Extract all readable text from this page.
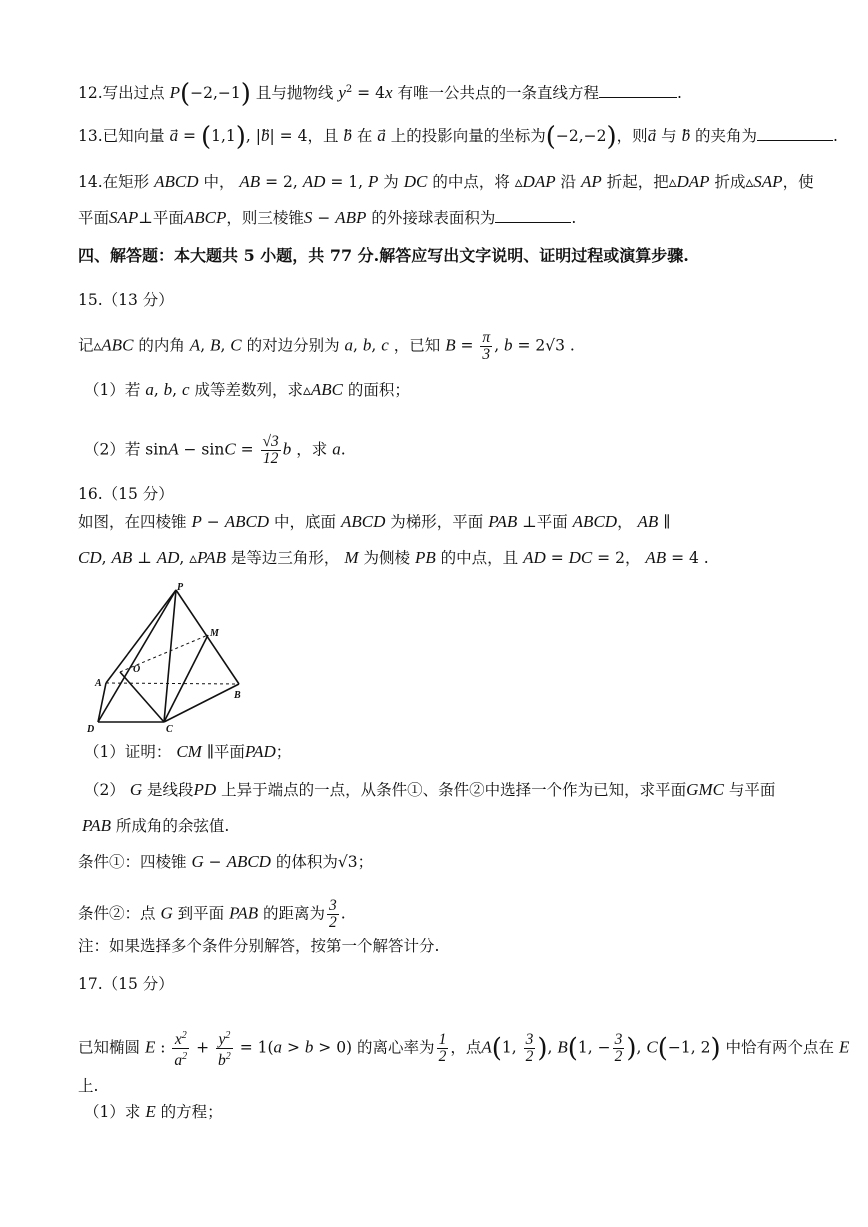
12.写出过点 P(−2,−1) 且与抛物线 $y^2 = 4x$ 有唯一公共点的一条直线方程	.
13.已知向量 a⃗ = (1,1), |b⃗| = 4，且 b⃗ 在 a⃗ 上的投影向量的坐标为(−2,−2)，则a⃗ 与 b⃗ 的夹角为	.
14.在矩形 ABCD 中， AB = 2, AD = 1, P 为 DC 的中点，将 ▵DAP 沿 AP 折起，把▵DAP 折成▵SAP，使
平面SAP⊥平面ABCP，则三棱锥S − ABP 的外接球表面积为	.
四、解答题：本大题共 5 小题，共 77 分.解答应写出文字说明、证明过程或演算步骤.
15.（13 分）
记▵ABC 的内角 A, B, C 的对边分别为 a, b, c ，已知 $B = \frac{\pi}{3}$ , b = 2√3 .
（1）若 a, b, c 成等差数列，求▵ABC 的面积；
（2）若 $\sin A - \sin C = \frac{√3}{12}$ b ，求 a.
16.（15 分）
如图，在四棱锥 P − ABCD 中，底面 ABCD 为梯形，平面 PAB ⊥平面 ABCD， AB ∥
CD, AB ⊥ AD, ▵PAB 是等边三角形， M 为侧棱 PB 的中点，且 AD = DC = 2， AB = 4 .
P
M
O
A
B
C
D
（1）证明： CM ∥平面PAD；
（2） G 是线段PD 上异于端点的一点，从条件①、条件②中选择一个作为已知，求平面GMC 与平面
PAB 所成角的余弦值.
条件①：四棱锥 G − ABCD 的体积为√3；
条件②：点 G 到平面 PAB 的距离为 $\frac{3}{2}$ .
注：如果选择多个条件分别解答，按第一个解答计分.
17.（15 分）
已知椭圆 E : $\frac{x^2}{a^2} + \frac{y^2}{b^2} = 1(a > b > 0)$ 的离心率为 $\frac{1}{2}$ ，点A(1, $\frac{3}{2}$ ), B(1, − $\frac{3}{2}$ ), C(−1, 2) 中恰有两个点在 E
上.
（1）求 E 的方程；
